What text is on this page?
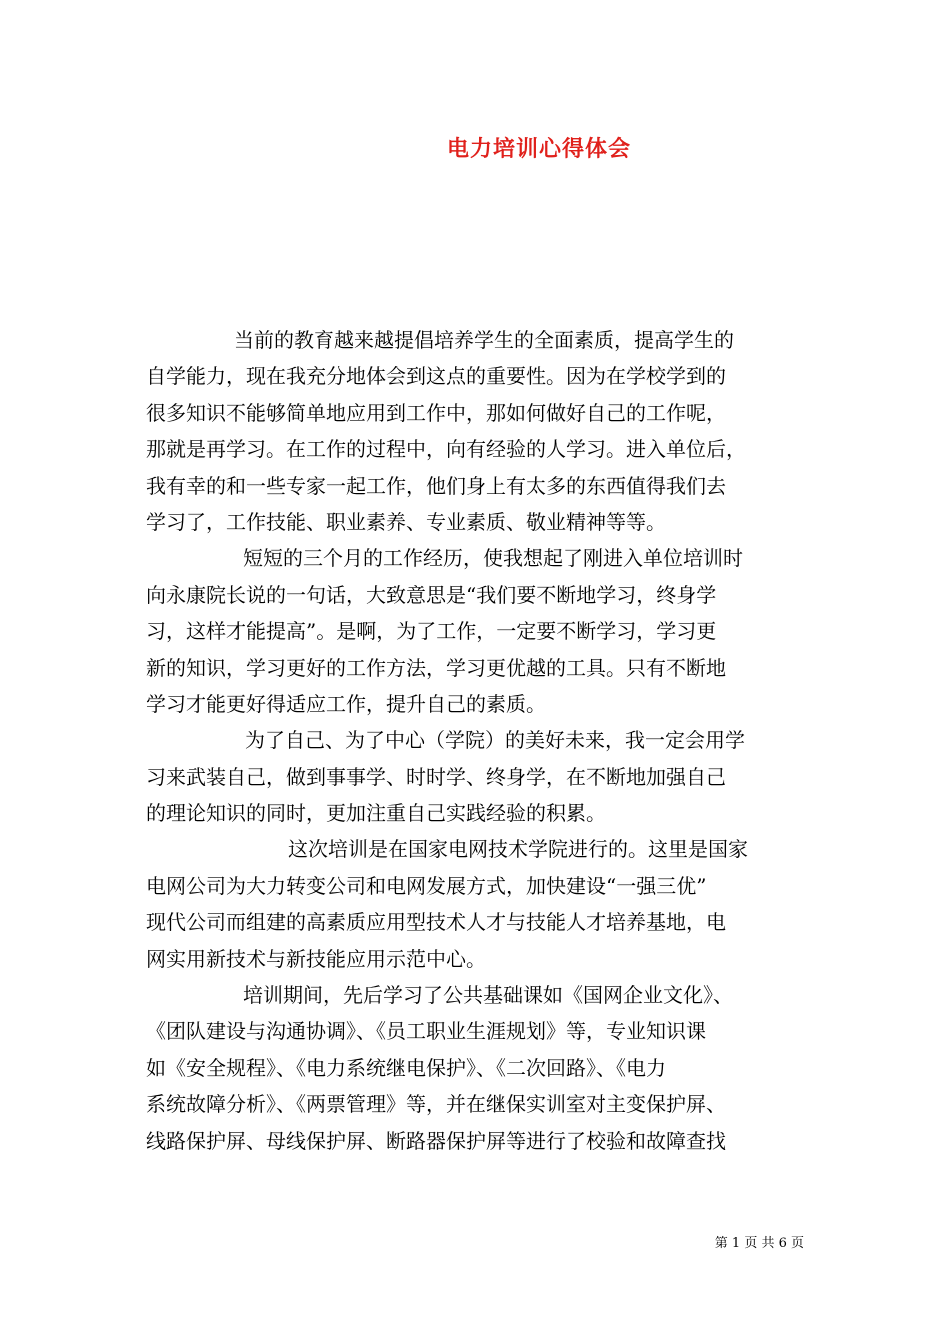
电力培训心得体会
当前的教育越来越提倡培养学生的全面素质，提高学生的
自学能力，现在我充分地体会到这点的重要性。因为在学校学到的
很多知识不能够简单地应用到工作中，那如何做好自己的工作呢，
那就是再学习。在工作的过程中，向有经验的人学习。进入单位后，
我有幸的和一些专家一起工作，他们身上有太多的东西值得我们去
学习了，工作技能、职业素养、专业素质、敬业精神等等。
短短的三个月的工作经历，使我想起了刚进入单位培训时
向永康院长说的一句话，大致意思是“我们要不断地学习，终身学
习，这样才能提高”。是啊，为了工作，一定要不断学习，学习更
新的知识，学习更好的工作方法，学习更优越的工具。只有不断地
学习才能更好得适应工作，提升自己的素质。
为了自己、为了中心（学院）的美好未来，我一定会用学
习来武装自己，做到事事学、时时学、终身学，在不断地加强自己
的理论知识的同时，更加注重自己实践经验的积累。
这次培训是在国家电网技术学院进行的。这里是国家
电网公司为大力转变公司和电网发展方式，加快建设“一强三优”
现代公司而组建的高素质应用型技术人才与技能人才培养基地，电
网实用新技术与新技能应用示范中心。
培训期间，先后学习了公共基础课如《国网企业文化》、
《团队建设与沟通协调》、《员工职业生涯规划》等，专业知识课
如《安全规程》、《电力系统继电保护》、《二次回路》、《电力
系统故障分析》、《两票管理》等，并在继保实训室对主变保护屏、
线路保护屏、母线保护屏、断路器保护屏等进行了校验和故障查找
第 1 页 共 6 页
